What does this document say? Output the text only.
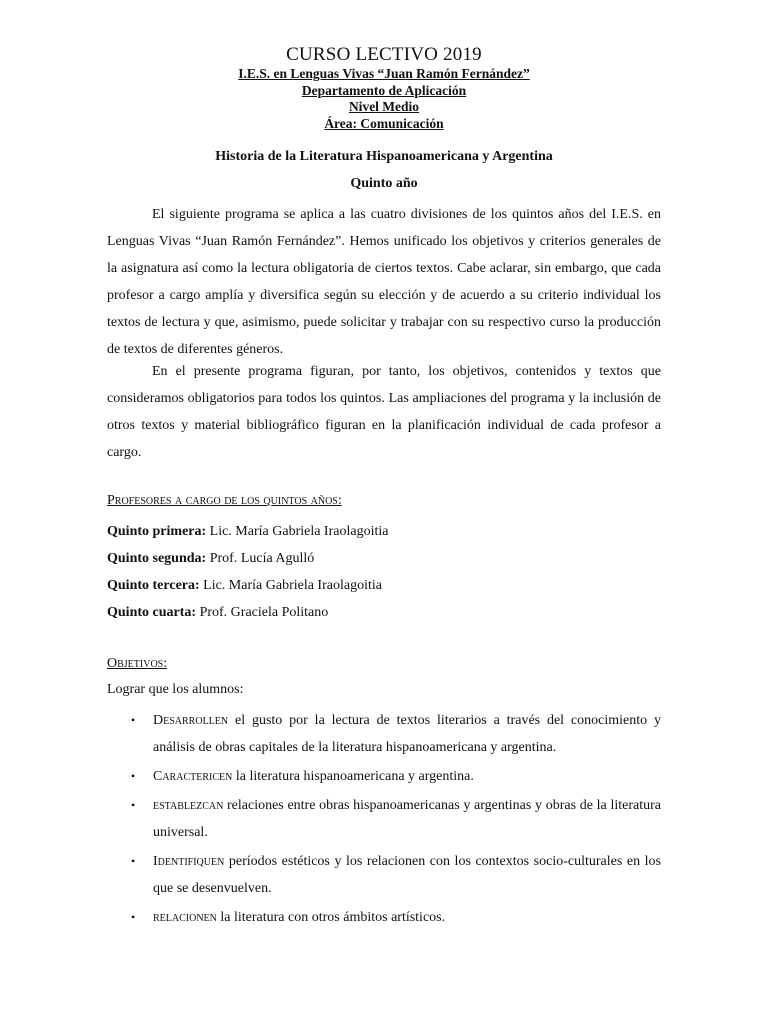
CURSO LECTIVO 2019
I.E.S. en Lenguas Vivas “Juan Ramón Fernández”
Departamento de Aplicación
Nivel Medio
Área: Comunicación
Historia de la Literatura Hispanoamericana y Argentina
Quinto año
El siguiente programa se aplica a las cuatro divisiones de los quintos años del I.E.S. en Lenguas Vivas “Juan Ramón Fernández”. Hemos unificado los objetivos y criterios generales de la asignatura así como la lectura obligatoria de ciertos textos. Cabe aclarar, sin embargo, que cada profesor a cargo amplía y diversifica según su elección y de acuerdo a su criterio individual los textos de lectura y que, asimismo, puede solicitar y trabajar con su respectivo curso la producción de textos de diferentes géneros.
En el presente programa figuran, por tanto, los objetivos, contenidos y textos que consideramos obligatorios para todos los quintos. Las ampliaciones del programa y la inclusión de otros textos y material bibliográfico figuran en la planificación individual de cada profesor a cargo.
Profesores a cargo de los quintos años:
Quinto primera: Lic. María Gabriela Iraolagoitia
Quinto segunda: Prof. Lucía Agulló
Quinto tercera: Lic. María Gabriela Iraolagoitia
Quinto cuarta: Prof. Graciela Politano
Objetivos:
Lograr que los alumnos:
• Desarrollen el gusto por la lectura de textos literarios a través del conocimiento y análisis de obras capitales de la literatura hispanoamericana y argentina.
• Caractericen la literatura hispanoamericana y argentina.
• establezcan relaciones entre obras hispanoamericanas y argentinas y obras de la literatura universal.
• Identifiquen períodos estéticos y los relacionen con los contextos socio-culturales en los que se desenvuelven.
• relacionen la literatura con otros ámbitos artísticos.
